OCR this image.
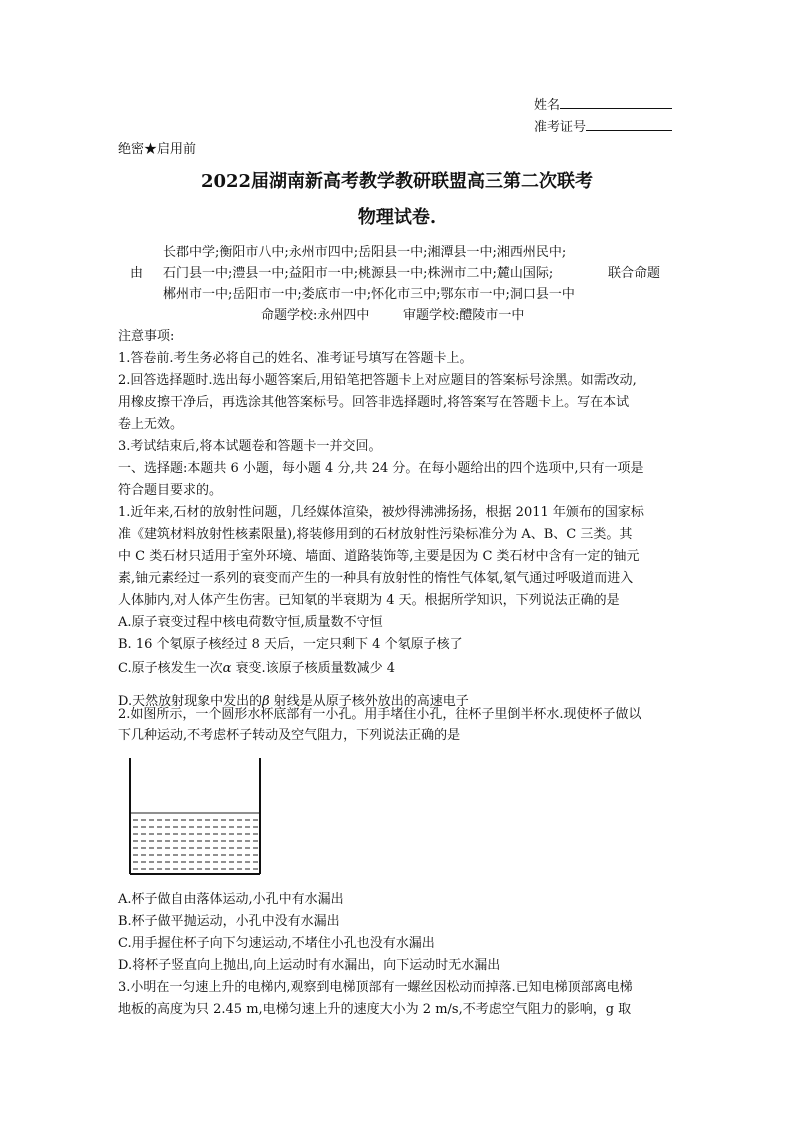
姓名
准考证号
绝密★启用前
2022届湖南新高考教学教研联盟高三第二次联考
物理试卷.
长郡中学;衡阳市八中;永州市四中;岳阳县一中;湘潭县一中;湘西州民中;
由 石门县一中;澧县一中;益阳市一中;桃源县一中;株洲市二中;麓山国际;	联合命题
郴州市一中;岳阳市一中;娄底市一中;怀化市三中;鄂东市一中;洞口县一中
命题学校:永州四中	审题学校:醴陵市一中
注意事项:
1.答卷前.考生务必将自己的姓名、准考证号填写在答题卡上。
2.回答选择题时.选出每小题答案后,用铅笔把答题卡上对应题目的答案标号涂黑。如需改动,
用橡皮擦干净后，再选涂其他答案标号。回答非选择题时,将答案写在答题卡上。写在本试
卷上无效。
3.考试结束后,将本试题卷和答题卡一并交回。
一、选择题:本题共 6 小题，每小题 4 分,共 24 分。在每小题给出的四个选项中,只有一项是
符合题目要求的。
1.近年来,石材的放射性问题，几经媒体渲染，被炒得沸沸扬扬，根据 2011 年颁布的国家标
准《建筑材料放射性核素限量),将装修用到的石材放射性污染标准分为 A、B、C 三类。其
中 C 类石材只适用于室外环境、墙面、道路装饰等,主要是因为 C 类石材中含有一定的铀元
素,铀元素经过一系列的衰变而产生的一种具有放射性的惰性气体氡,氡气通过呼吸道而进入
人体肺内,对人体产生伤害。已知氡的半衰期为 4 天。根据所学知识，下列说法正确的是
A.原子衰变过程中核电荷数守恒,质量数不守恒
B. 16 个氡原子核经过 8 天后，一定只剩下 4 个氡原子核了
C.原子核发生一次α 衰变.该原子核质量数减少 4
D.天然放射现象中发出的β 射线是从原子核外放出的高速电子
2.如图所示，一个圆形水杯底部有一小孔。用手堵住小孔，往杯子里倒半杯水.现使杯子做以
下几种运动,不考虑杯子转动及空气阻力，下列说法正确的是
A.杯子做自由落体运动,小孔中有水漏出
B.杯子做平抛运动，小孔中没有水漏出
C.用手握住杯子向下匀速运动,不堵住小孔也没有水漏出
D.将杯子竖直向上抛出,向上运动时有水漏出，向下运动时无水漏出
3.小明在一匀速上升的电梯内,观察到电梯顶部有一螺丝因松动而掉落.已知电梯顶部离电梯
地板的高度为只 2.45 m,电梯匀速上升的速度大小为 2 m/s,不考虑空气阻力的影响，g 取
